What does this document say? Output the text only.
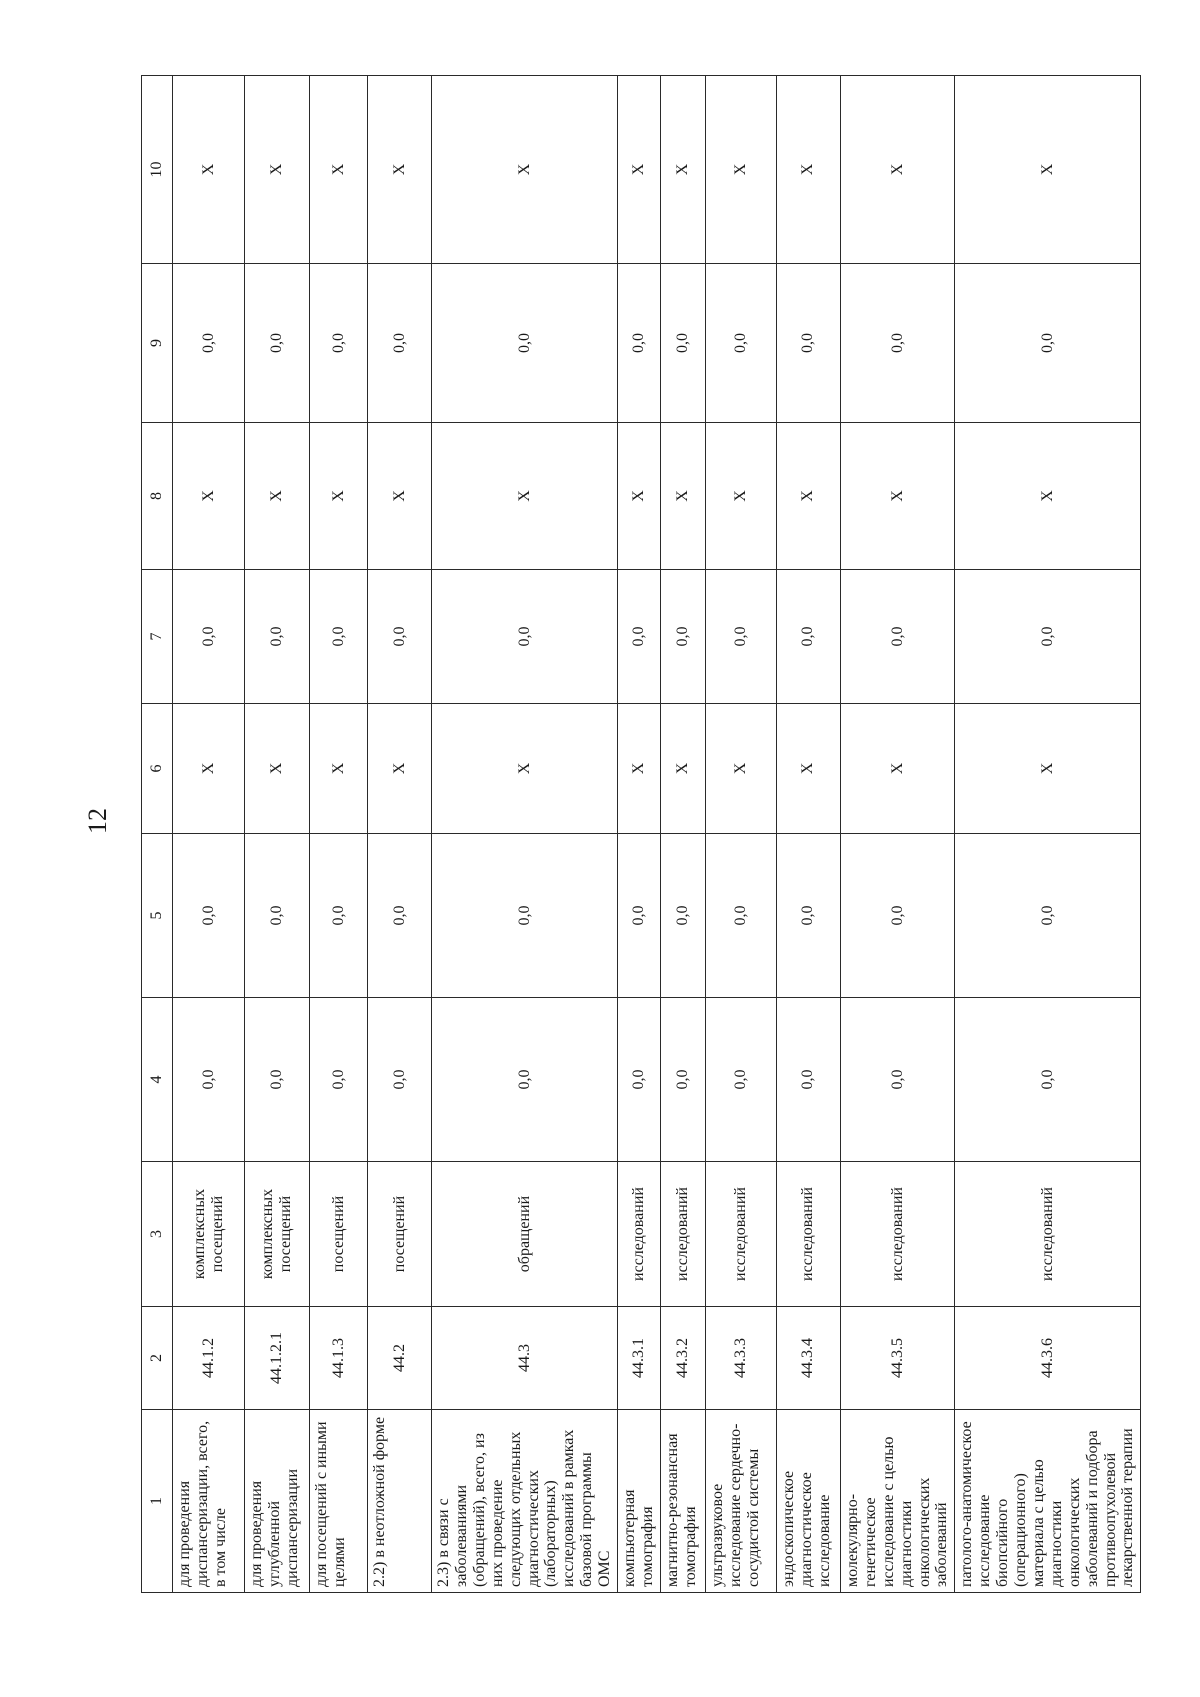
12
1	2	3	4	5	6	7	8	9	10
для проведения диспансеризации, всего, в том числе	44.1.2	комплексных посещений	0,0	0,0	X	0,0	X	0,0	X
для проведения углубленной диспансеризации	44.1.2.1	комплексных посещений	0,0	0,0	X	0,0	X	0,0	X
для посещений с иными целями	44.1.3	посещений	0,0	0,0	X	0,0	X	0,0	X
2.2) в неотложной форме	44.2	посещений	0,0	0,0	X	0,0	X	0,0	X
2.3) в связи с заболеваниями (обращений), всего, из них проведение следующих отдельных диагностических (лабораторных) исследований в рамках базовой программы ОМС	44.3	обращений	0,0	0,0	X	0,0	X	0,0	X
компьютерная томография	44.3.1	исследований	0,0	0,0	X	0,0	X	0,0	X
магнитно-резонансная томография	44.3.2	исследований	0,0	0,0	X	0,0	X	0,0	X
ультразвуковое исследование сердечно-сосудистой системы	44.3.3	исследований	0,0	0,0	X	0,0	X	0,0	X
эндоскопическое диагностическое исследование	44.3.4	исследований	0,0	0,0	X	0,0	X	0,0	X
молекулярно-генетическое исследование с целью диагностики онкологических заболеваний	44.3.5	исследований	0,0	0,0	X	0,0	X	0,0	X
патолого-анатомическое исследование биопсийного (операционного) материала с целью диагностики онкологических заболеваний и подбора противоопухолевой лекарственной терапии	44.3.6	исследований	0,0	0,0	X	0,0	X	0,0	X
